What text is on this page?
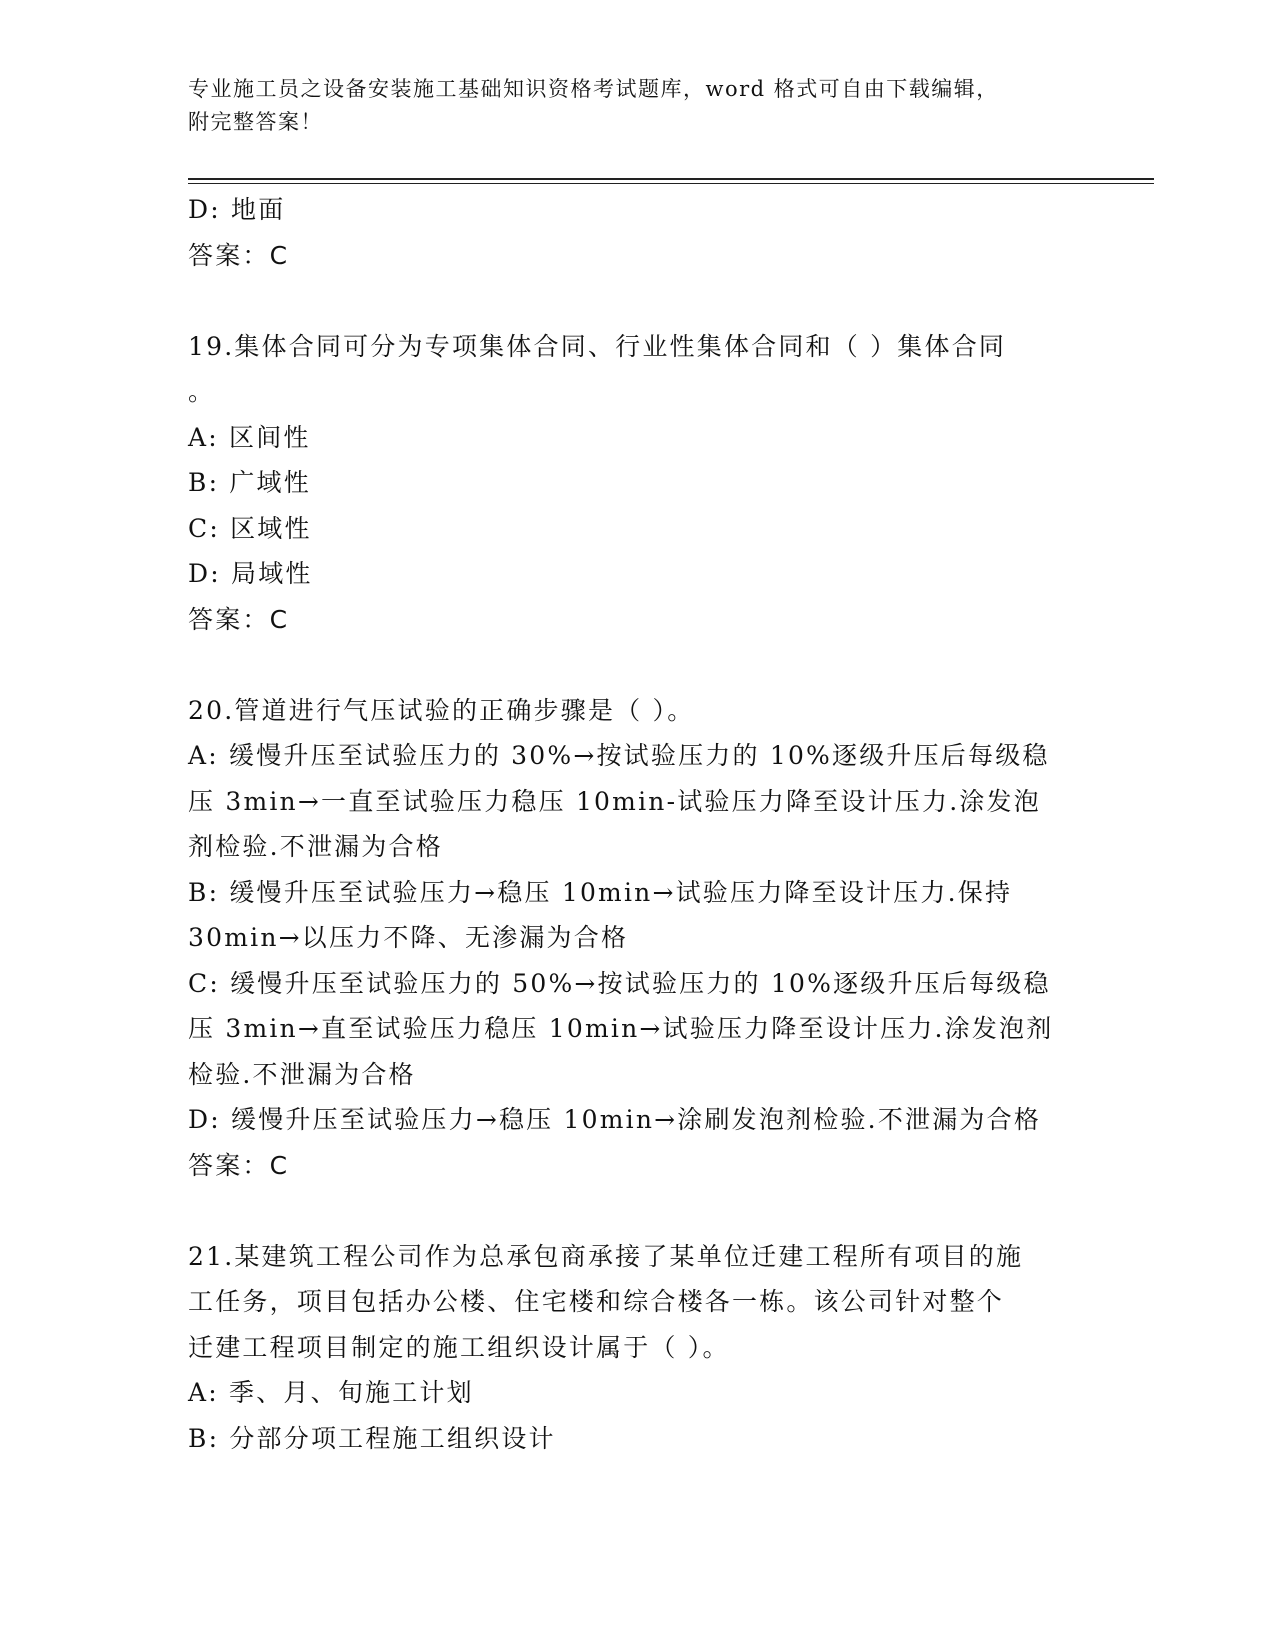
专业施工员之设备安装施工基础知识资格考试题库，word 格式可自由下载编辑，
附完整答案！
D: 地面
答案：C
19.集体合同可分为专项集体合同、行业性集体合同和（ ）集体合同
。
A: 区间性
B: 广域性
C: 区域性
D: 局域性
答案：C
20.管道进行气压试验的正确步骤是（ ）。
A: 缓慢升压至试验压力的 30%→按试验压力的 10%逐级升压后每级稳
压 3min→一直至试验压力稳压 10min-试验压力降至设计压力.涂发泡
剂检验.不泄漏为合格
B: 缓慢升压至试验压力→稳压 10min→试验压力降至设计压力.保持
30min→以压力不降、无渗漏为合格
C: 缓慢升压至试验压力的 50%→按试验压力的 10%逐级升压后每级稳
压 3min→直至试验压力稳压 10min→试验压力降至设计压力.涂发泡剂
检验.不泄漏为合格
D: 缓慢升压至试验压力→稳压 10min→涂刷发泡剂检验.不泄漏为合格
答案：C
21.某建筑工程公司作为总承包商承接了某单位迁建工程所有项目的施
工任务，项目包括办公楼、住宅楼和综合楼各一栋。该公司针对整个
迁建工程项目制定的施工组织设计属于（ ）。
A: 季、月、旬施工计划
B: 分部分项工程施工组织设计
